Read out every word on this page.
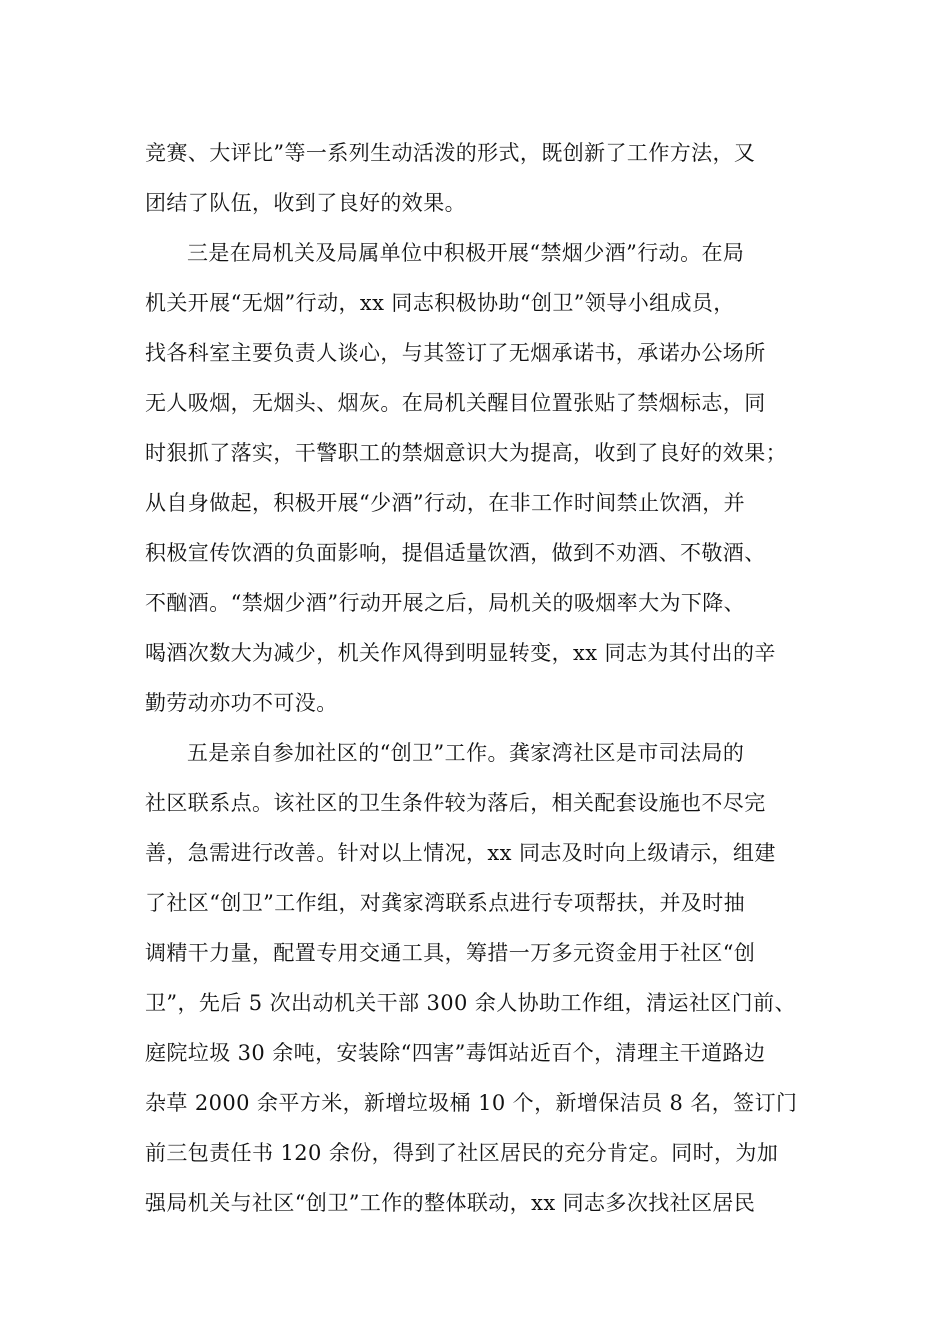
竞赛、大评比”等一系列生动活泼的形式，既创新了工作方法，又
团结了队伍，收到了良好的效果。
三是在局机关及局属单位中积极开展“禁烟少酒”行动。在局
机关开展“无烟”行动，xx 同志积极协助“创卫”领导小组成员，
找各科室主要负责人谈心，与其签订了无烟承诺书，承诺办公场所
无人吸烟，无烟头、烟灰。在局机关醒目位置张贴了禁烟标志，同
时狠抓了落实，干警职工的禁烟意识大为提高，收到了良好的效果；
从自身做起，积极开展“少酒”行动，在非工作时间禁止饮酒，并
积极宣传饮酒的负面影响，提倡适量饮酒，做到不劝酒、不敬酒、
不酗酒。“禁烟少酒”行动开展之后，局机关的吸烟率大为下降、
喝酒次数大为减少，机关作风得到明显转变，xx 同志为其付出的辛
勤劳动亦功不可没。
五是亲自参加社区的“创卫”工作。龚家湾社区是市司法局的
社区联系点。该社区的卫生条件较为落后，相关配套设施也不尽完
善，急需进行改善。针对以上情况，xx 同志及时向上级请示，组建
了社区“创卫”工作组，对龚家湾联系点进行专项帮扶，并及时抽
调精干力量，配置专用交通工具，筹措一万多元资金用于社区“创
卫”，先后 5 次出动机关干部 300 余人协助工作组，清运社区门前、
庭院垃圾 30 余吨，安装除“四害”毒饵站近百个，清理主干道路边
杂草 2000 余平方米，新增垃圾桶 10 个，新增保洁员 8 名，签订门
前三包责任书 120 余份，得到了社区居民的充分肯定。同时，为加
强局机关与社区“创卫”工作的整体联动，xx 同志多次找社区居民
